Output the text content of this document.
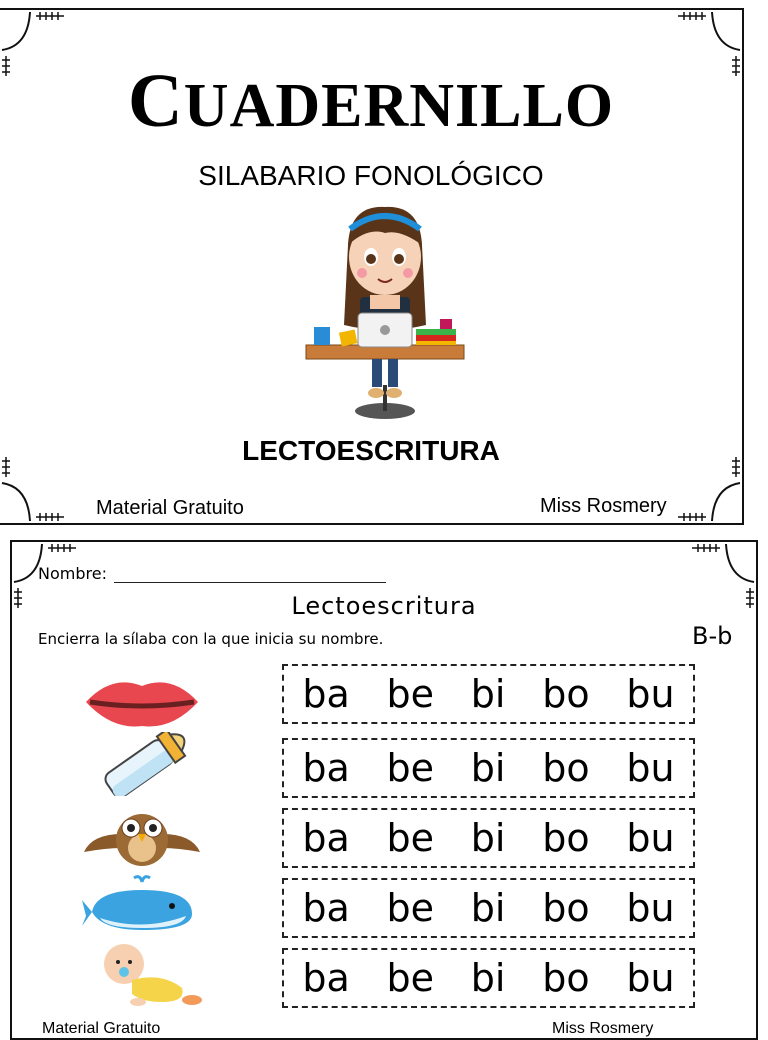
CUADERNILLO
SILABARIO FONOLÓGICO
LECTOESCRITURA
Material Gratuito	Miss Rosmery
Nombre:
Lectoescritura
Encierra la sílaba con la que inicia su nombre.	B-b
ba be bi bo bu
ba be bi bo bu
ba be bi bo bu
ba be bi bo bu
ba be bi bo bu
Material Gratuito	Miss Rosmery
